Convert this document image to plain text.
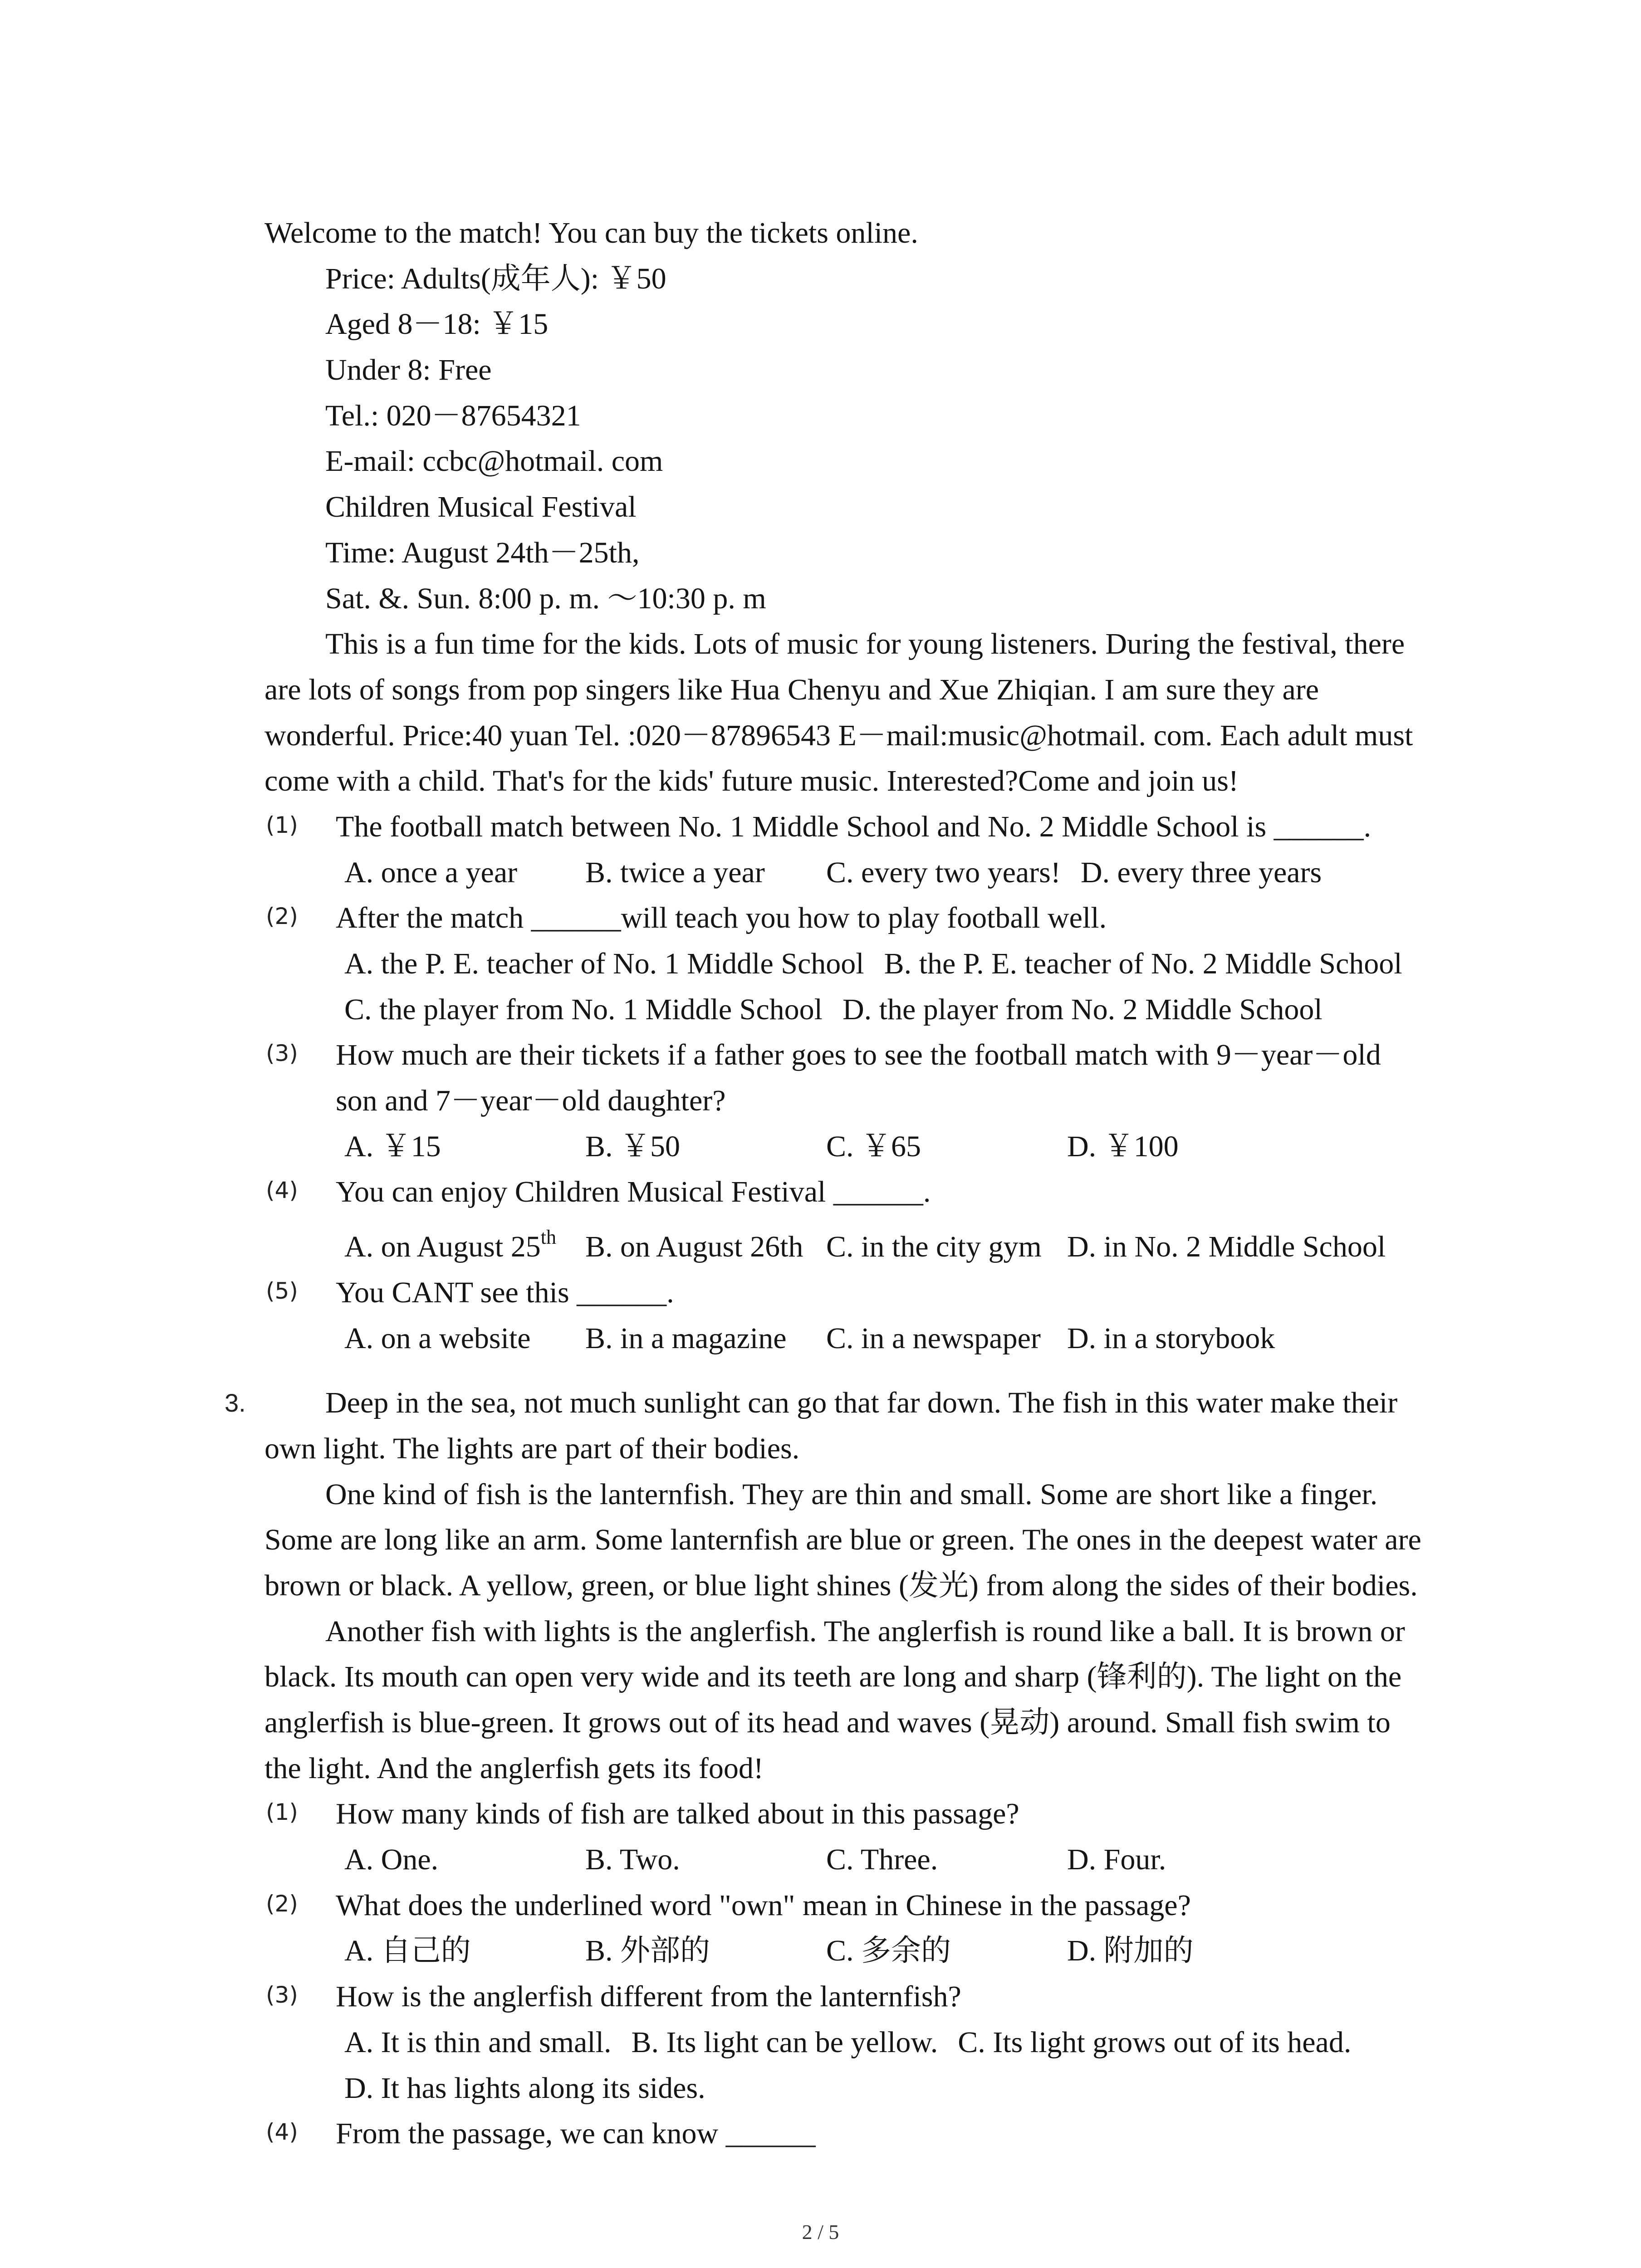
Welcome to the match! You can buy the tickets online.
Price: Adults(成年人): ￥50
Aged 8－18: ￥15
Under 8: Free
Tel.: 020－87654321
E-mail: ccbc@hotmail. com
Children Musical Festival
Time: August 24th－25th,
Sat. &. Sun. 8:00 p. m. ～10:30 p. m
This is a fun time for the kids. Lots of music for young listeners. During the festival, there
are lots of songs from pop singers like Hua Chenyu and Xue Zhiqian. I am sure they are
wonderful. Price:40 yuan Tel. :020－87896543 E－mail:music@hotmail. com. Each adult must
come with a child. That's for the kids' future music. Interested?Come and join us!
(1) The football match between No. 1 Middle School and No. 2 Middle School is ______.
A. once a year	B. twice a year	C. every two years! D. every three years
(2) After the match ______will teach you how to play football well.
A. the P. E. teacher of No. 1 Middle School B. the P. E. teacher of No. 2 Middle School
C. the player from No. 1 Middle School D. the player from No. 2 Middle School
(3) How much are their tickets if a father goes to see the football match with 9－year－old
son and 7－year－old daughter?
A. ￥15	B. ￥50	C. ￥65	D. ￥100
(4) You can enjoy Children Musical Festival ______.
A. on August 25th B. on August 26th C. in the city gym D. in No. 2 Middle School
(5) You CANT see this ______.
A. on a website	B. in a magazine	C. in a newspaper D. in a storybook
3.	Deep in the sea, not much sunlight can go that far down. The fish in this water make their
own light. The lights are part of their bodies.
One kind of fish is the lanternfish. They are thin and small. Some are short like a finger.
Some are long like an arm. Some lanternfish are blue or green. The ones in the deepest water are
brown or black. A yellow, green, or blue light shines (发光) from along the sides of their bodies.
Another fish with lights is the anglerfish. The anglerfish is round like a ball. It is brown or
black. Its mouth can open very wide and its teeth are long and sharp (锋利的). The light on the
anglerfish is blue-green. It grows out of its head and waves (晃动) around. Small fish swim to
the light. And the anglerfish gets its food!
(1) How many kinds of fish are talked about in this passage?
A. One.	B. Two.	C. Three.	D. Four.
(2) What does the underlined word "own" mean in Chinese in the passage?
A. 自己的	B. 外部的	C. 多余的	D. 附加的
(3) How is the anglerfish different from the lanternfish?
A. It is thin and small. B. Its light can be yellow. C. Its light grows out of its head.
D. It has lights along its sides.
(4) From the passage, we can know ______
2 / 5
